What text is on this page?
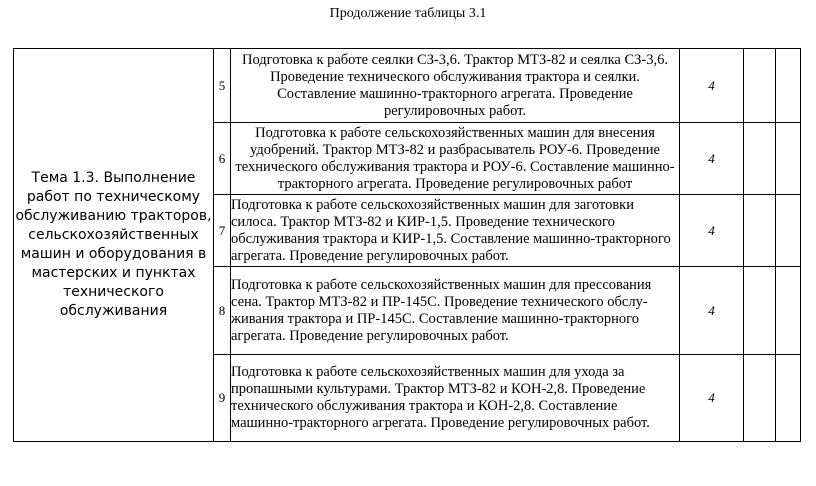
Продолжение таблицы 3.1
Тема 1.3. Выполнение работ по техническому обслуживанию тракторов, сельскохозяйственных машин и оборудования в мастерских и пунктах технического обслуживания	5	Подготовка к работе сеялки СЗ-3,6. Трактор МТЗ-82 и сеялка СЗ-3,6. Проведение технического обслуживания трактора и сеялки. Составление машинно-тракторного агрегата. Проведение регулировочных работ.	4		
	6	Подготовка к работе сельскохозяйственных машин для внесения удобрений. Трактор МТЗ-82 и разбрасыватель РОУ-6. Проведение технического обслуживания трактора и РОУ-6. Составление машинно-тракторного агрегата. Проведение регулировочных работ	4		
	7	Подготовка к работе сельскохозяйственных машин для заготовки силоса. Трактор МТЗ-82 и КИР-1,5. Проведение технического обслуживания трактора и КИР-1,5. Составление машинно-тракторного агрегата. Проведение регулировочных работ.	4		
	8	Подготовка к работе сельскохозяйственных машин для прессования сена. Трактор МТЗ-82 и ПР-145С. Проведение технического обслу-живания трактора и ПР-145С. Составление машинно-тракторного агрегата. Проведение регулировочных работ.	4		
	9	Подготовка к работе сельскохозяйственных машин для ухода за пропашными культурами. Трактор МТЗ-82 и КОН-2,8. Проведение технического обслуживания трактора и КОН-2,8. Составление машинно-тракторного агрегата. Проведение регулировочных работ.	4		
